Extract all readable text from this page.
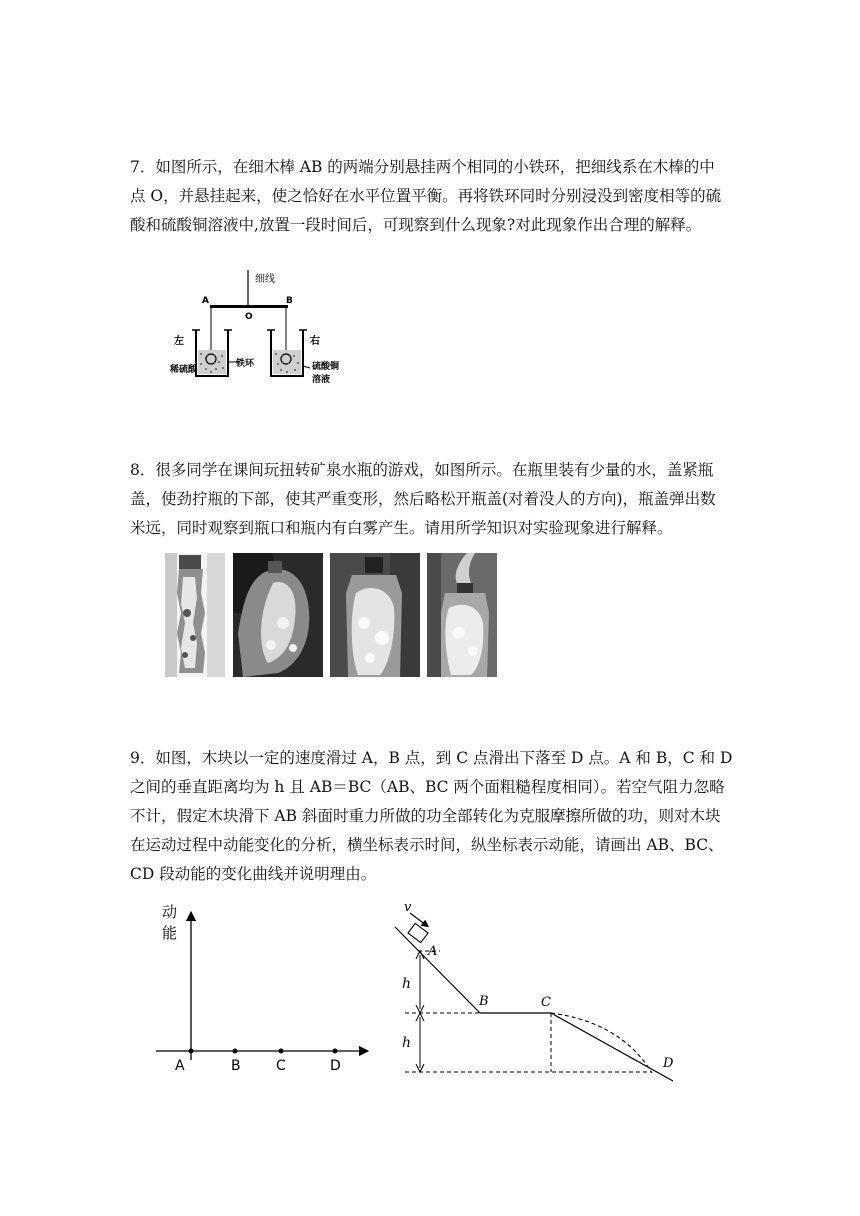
7．如图所示，在细木棒 AB 的两端分别悬挂两个相同的小铁环，把细线系在木棒的中
点 O，并悬挂起来，使之恰好在水平位置平衡。再将铁环同时分别浸没到密度相等的硫
酸和硫酸铜溶液中,放置一段时间后，可现察到什么现象?对此现象作出合理的解释。
细线
A
O
B
左	右
铁环
稀硫酸	硫酸铜
溶液
8．很多同学在课间玩扭转矿泉水瓶的游戏，如图所示。在瓶里装有少量的水，盖紧瓶
盖，使劲拧瓶的下部，使其严重变形，然后略松开瓶盖(对着没人的方向)，瓶盖弹出数
米远，同时观察到瓶口和瓶内有白雾产生。请用所学知识对实验现象进行解释。
9．如图，木块以一定的速度滑过 A，B 点，到 C 点滑出下落至 D 点。A 和 B，C 和 D
之间的垂直距离均为 h 且 AB＝BC（AB、BC 两个面粗糙程度相同）。若空气阻力忽略
不计，假定木块滑下 AB 斜面时重力所做的功全部转化为克服摩擦所做的功，则对木块
在运动过程中动能变化的分析，横坐标表示时间，纵坐标表示动能，请画出 AB、BC、
CD 段动能的变化曲线并说明理由。
动
能
A	B	C	D
v
A
B	C
D
h
h
